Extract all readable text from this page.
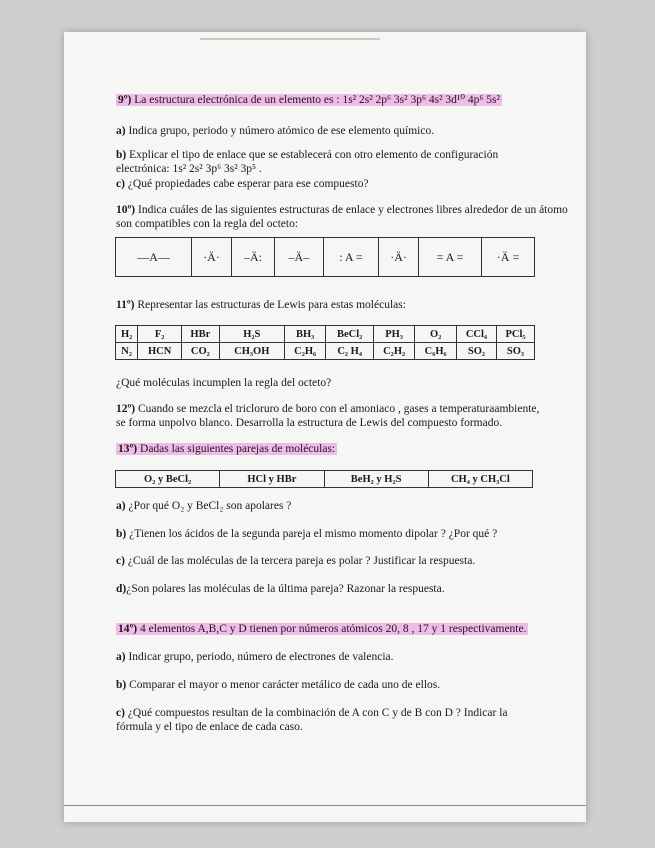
9º) La estructura electrónica de un elemento es : 1s² 2s² 2p⁶ 3s² 3p⁶ 4s² 3d¹⁰ 4p⁶ 5s²
a) Indica grupo, periodo y número atómico de ese elemento químico.
b) Explicar el tipo de enlace que se establecerá con otro elemento de configuración
electrónica: 1s² 2s² 3p⁶ 3s² 3p⁵ .
c) ¿Qué propiedades cabe esperar para ese compuesto?
10º) Indica cuáles de las siguientes estructuras de enlace y electrones libres alrededor de un átomo
son compatibles con la regla del octeto:
—A—	·Ä·	–Ä:	–Ä–	: A =	·Ä·	= A =	·Ä =
11º) Representar las estructuras de Lewis para estas moléculas:
H₂	F₂	HBr	H₂S	BH₃	BeCl₂	PH₃	O₂	CCl₄	PCl₅
N₂	HCN	CO₂	CH₃OH	C₂H₆	C₂ H₄	C₂H₂	C₆H₆	SO₂	SO₃
¿Qué moléculas incumplen la regla del octeto?
12º) Cuando se mezcla el tricloruro de boro con el amoniaco , gases a temperaturaambiente,
se forma unpolvo blanco. Desarrolla la estructura de Lewis del compuesto formado.
13º) Dadas las siguientes parejas de moléculas:
O₂ y BeCl₂	HCl y HBr	BeH₂ y H₂S	CH₄ y CH₃Cl
a) ¿Por qué O₂ y BeCl₂ son apolares ?
b) ¿Tienen los ácidos de la segunda pareja el mismo momento dipolar ? ¿Por qué ?
c) ¿Cuál de las moléculas de la tercera pareja es polar ? Justificar la respuesta.
d)¿Son polares las moléculas de la última pareja? Razonar la respuesta.
14º) 4 elementos A,B,C y D tienen por números atómicos 20, 8 , 17 y 1 respectivamente.
a) Indicar grupo, periodo, número de electrones de valencia.
b) Comparar el mayor o menor carácter metálico de cada uno de ellos.
c) ¿Qué compuestos resultan de la combinación de A con C y de B con D ? Indicar la
fórmula y el tipo de enlace de cada caso.
